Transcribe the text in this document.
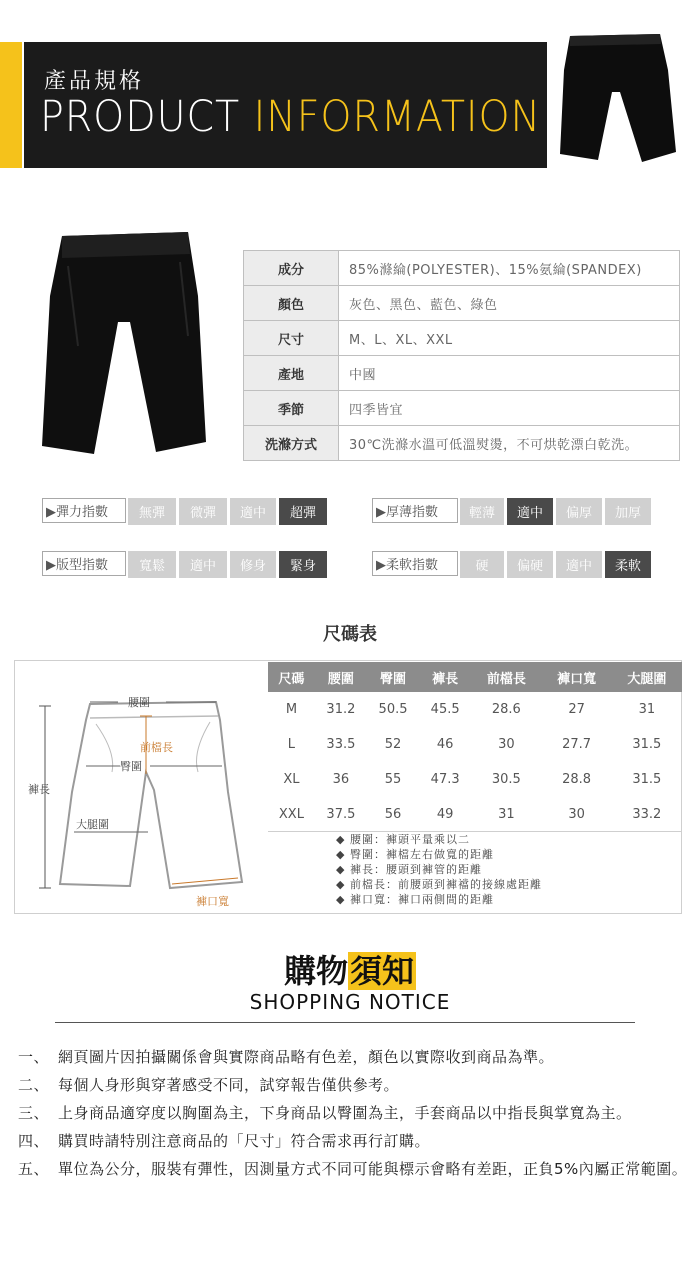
產品規格
PRODUCT INFORMATION
成分	85%滌綸(POLYESTER)、15%氨綸(SPANDEX)
顏色	灰色、黑色、藍色、綠色
尺寸	M、L、XL、XXL
產地	中國
季節	四季皆宜
洗滌方式	30℃洗滌水溫可低溫熨燙，不可烘乾漂白乾洗。
▶彈力指數	無彈	微彈	適中	超彈	▶厚薄指數	輕薄	適中	偏厚	加厚
▶版型指數	寬鬆	適中	修身	緊身	▶柔軟指數	硬	偏硬	適中	柔軟
尺碼表
腰圍
前檔長
臀圍
褲長
大腿圍
褲口寬
尺碼	腰圍	臀圍	褲長	前檔長	褲口寬	大腿圍
M	31.2	50.5	45.5	28.6	27	31
L	33.5	52	46	30	27.7	31.5
XL	36	55	47.3	30.5	28.8	31.5
XXL	37.5	56	49	31	30	33.2
◆ 腰圍：褲頭平量乘以二
◆ 臀圍：褲檔左右做寬的距離
◆ 褲長：腰頭到褲管的距離
◆ 前檔長：前腰頭到褲襠的接線處距離
◆ 褲口寬：褲口兩側間的距離
購物須知
SHOPPING NOTICE
一、 網頁圖片因拍攝關係會與實際商品略有色差，顏色以實際收到商品為準。
二、 每個人身形與穿著感受不同，試穿報告僅供參考。
三、 上身商品適穿度以胸圍為主，下身商品以臀圍為主，手套商品以中指長與掌寬為主。
四、 購買時請特別注意商品的「尺寸」符合需求再行訂購。
五、 單位為公分，服裝有彈性，因測量方式不同可能與標示會略有差距，正負5%內屬正常範圍。
